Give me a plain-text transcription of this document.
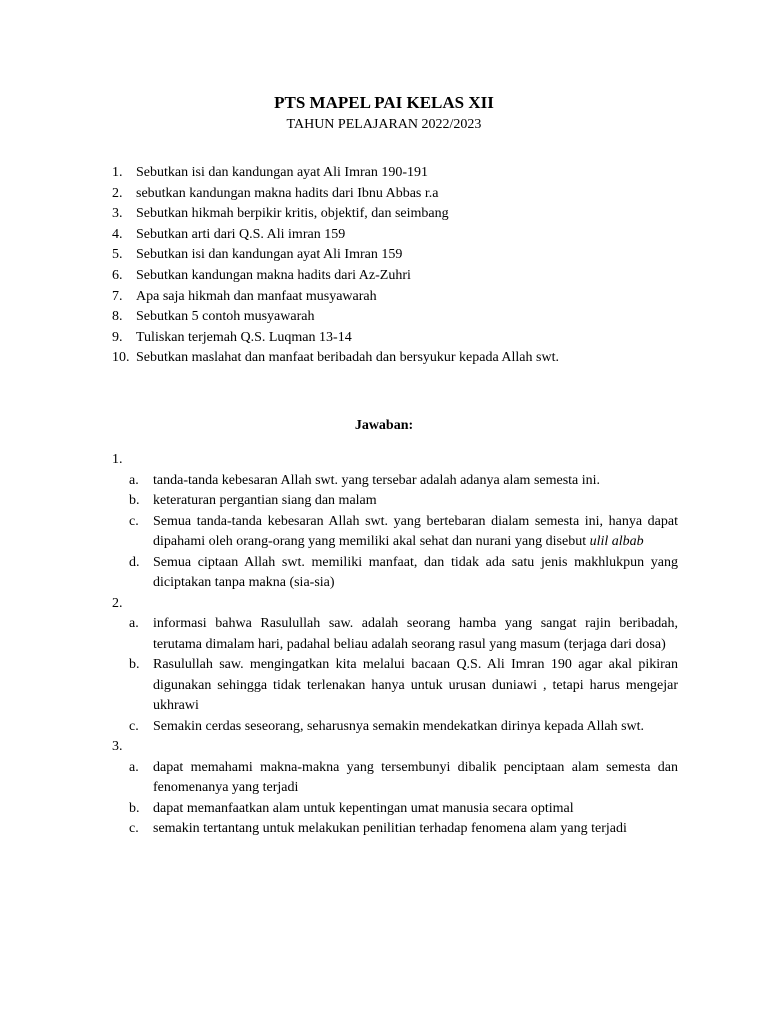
PTS MAPEL PAI KELAS XII

TAHUN PELAJARAN 2022/2023

1. Sebutkan isi dan kandungan ayat Ali Imran 190-191
2. sebutkan kandungan makna hadits dari Ibnu Abbas r.a
3. Sebutkan hikmah berpikir kritis, objektif, dan seimbang
4. Sebutkan arti dari Q.S. Ali imran 159
5. Sebutkan isi dan kandungan ayat Ali Imran 159
6. Sebutkan kandungan makna hadits dari Az-Zuhri
7. Apa saja hikmah dan manfaat musyawarah
8. Sebutkan 5 contoh musyawarah
9. Tuliskan terjemah Q.S. Luqman 13-14
10. Sebutkan maslahat dan manfaat beribadah dan bersyukur kepada Allah swt.
Jawaban:
1.
a.	tanda-tanda kebesaran Allah swt. yang tersebar adalah adanya alam semesta ini.
b. keteraturan pergantian siang dan malam
c.	Semua tanda-tanda kebesaran Allah swt. yang bertebaran dialam semesta ini, hanya dapat dipahami oleh orang-orang yang memiliki akal sehat dan nurani yang disebut ulil albab
d. Semua ciptaan Allah swt. memiliki manfaat, dan tidak ada satu jenis makhlukpun yang diciptakan tanpa makna (sia-sia)
2.
a.	informasi bahwa Rasulullah saw. adalah seorang hamba yang sangat rajin beribadah, terutama dimalam hari, padahal beliau adalah seorang rasul yang masum (terjaga dari dosa)
b. Rasulullah saw. mengingatkan kita melalui bacaan Q.S. Ali Imran 190 agar akal pikiran digunakan sehingga tidak terlenakan hanya untuk urusan duniawi , tetapi harus mengejar ukhrawi
c.	Semakin cerdas seseorang, seharusnya semakin mendekatkan dirinya kepada Allah swt.
3.
a.	dapat memahami makna-makna yang tersembunyi dibalik penciptaan alam semesta dan fenomenanya yang terjadi
b. dapat memanfaatkan alam untuk kepentingan umat manusia secara optimal
c.	semakin tertantang untuk melakukan penilitian terhadap fenomena alam yang terjadi
